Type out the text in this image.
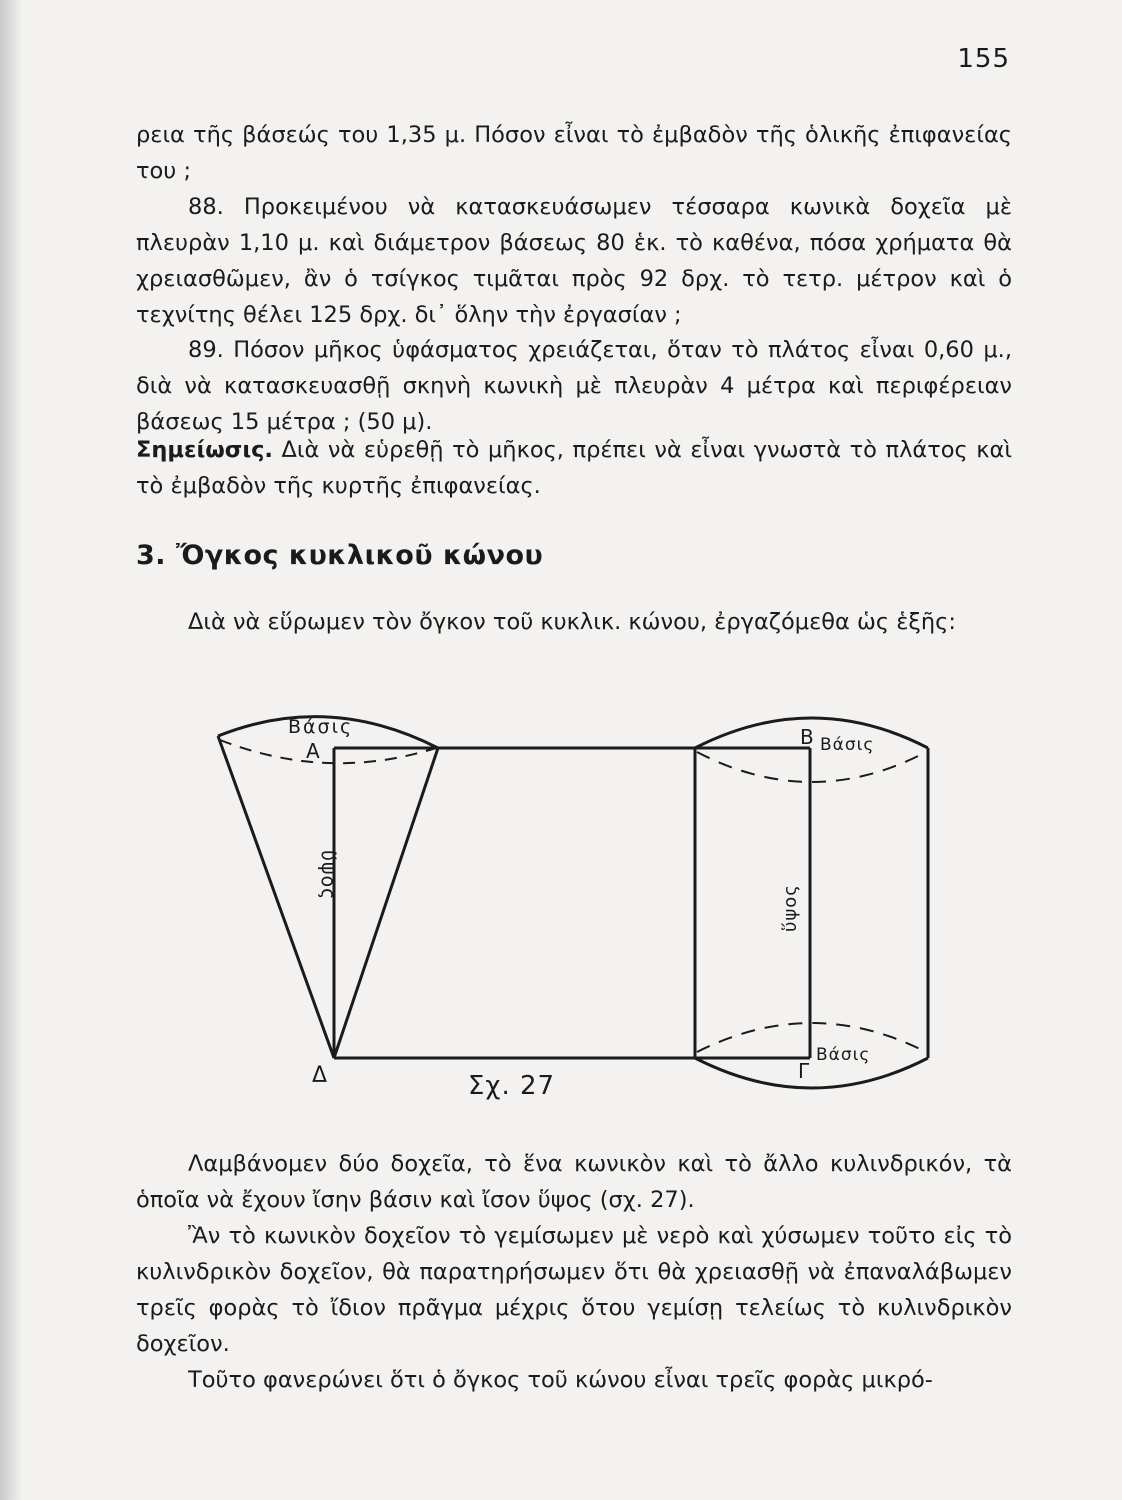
155

ρεια τῆς βάσεώς του 1,35 μ. Πόσον εἶναι τὸ ἐμβαδὸν τῆς ὁλικῆς ἐπιφανείας του ;

88. Προκειμένου νὰ κατασκευάσωμεν τέσσαρα κωνικὰ δοχεῖα μὲ πλευρὰν 1,10 μ. καὶ διάμετρον βάσεως 80 ἑκ. τὸ καθένα, πόσα χρήματα θὰ χρειασθῶμεν, ἂν ὁ τσίγκος τιμᾶται πρὸς 92 δρχ. τὸ τετρ. μέτρον καὶ ὁ τεχνίτης θέλει 125 δρχ. δι᾽ ὅλην τὴν ἐργασίαν ;

89. Πόσον μῆκος ὑφάσματος χρειάζεται, ὅταν τὸ πλάτος εἶναι 0,60 μ., διὰ νὰ κατασκευασθῇ σκηνὴ κωνικὴ μὲ πλευρὰν 4 μέτρα καὶ περιφέρειαν βάσεως 15 μέτρα ; (50 μ).

Σημείωσις. Διὰ νὰ εὑρεθῇ τὸ μῆκος, πρέπει νὰ εἶναι γνωστὰ τὸ πλάτος καὶ τὸ ἐμβαδὸν τῆς κυρτῆς ἐπιφανείας.

3. Ὄγκος κυκλικοῦ κώνου

Διὰ νὰ εὕρωμεν τὸν ὄγκον τοῦ κυκλικ. κώνου, ἐργαζόμεθα ὡς ἑξῆς:

Βάσις
Α
ὕψος
Δ	Σχ. 27
Β Βάσις
ὕψος
Βάσις
Γ

Λαμβάνομεν δύο δοχεῖα, τὸ ἕνα κωνικὸν καὶ τὸ ἄλλο κυλινδρικόν, τὰ ὁποῖα νὰ ἔχουν ἴσην βάσιν καὶ ἴσον ὕψος (σχ. 27).

Ἂν τὸ κωνικὸν δοχεῖον τὸ γεμίσωμεν μὲ νερὸ καὶ χύσωμεν τοῦτο εἰς τὸ κυλινδρικὸν δοχεῖον, θὰ παρατηρήσωμεν ὅτι θὰ χρειασθῇ νὰ ἐπαναλάβωμεν τρεῖς φορὰς τὸ ἴδιον πρᾶγμα μέχρις ὅτου γεμίσῃ τελείως τὸ κυλινδρικὸν δοχεῖον.

Τοῦτο φανερώνει ὅτι ὁ ὄγκος τοῦ κώνου εἶναι τρεῖς φορὰς μικρό-
